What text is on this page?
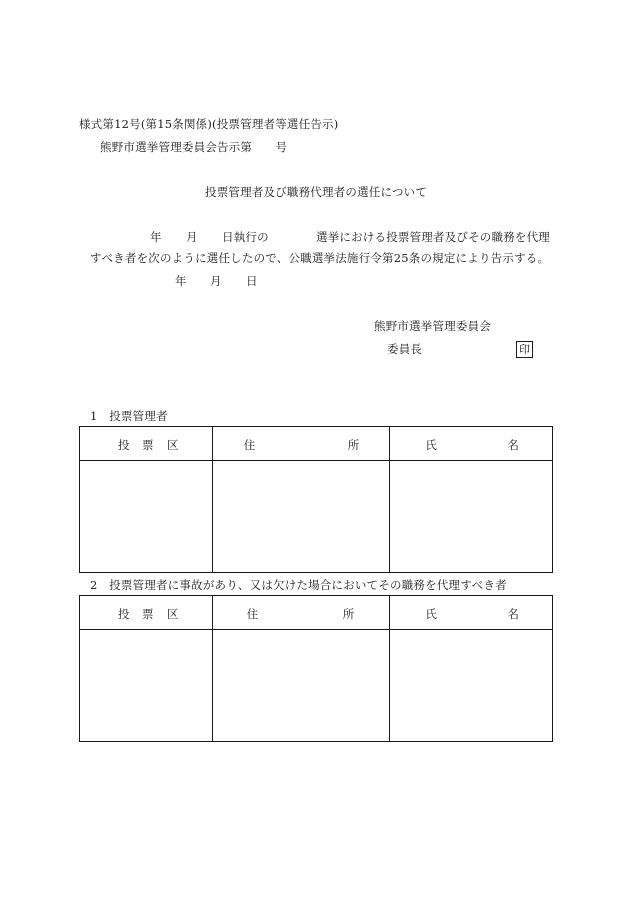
様式第12号(第15条関係)(投票管理者等選任告示)
熊野市選挙管理委員会告示第　　号
投票管理者及び職務代理者の選任について
年 月 日執行の	選挙における投票管理者及びその職務を代理
すべき者を次のように選任したので、公職選挙法施行令第25条の規定により告示する。
年 月 日
熊野市選挙管理委員会
委員長	印
1　投票管理者
投 票 区	住 所	氏 名

2　投票管理者に事故があり、又は欠けた場合においてその職務を代理すべき者
投 票 区	住 所	氏 名
